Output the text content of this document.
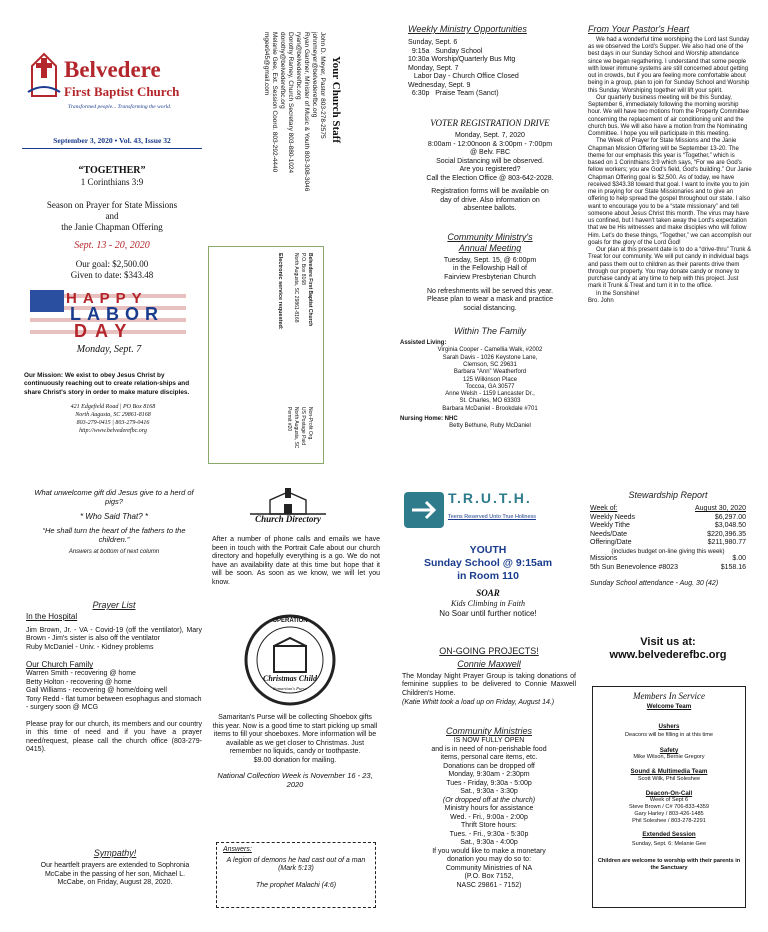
Belvedere
First Baptist Church
Transformed people... Transforming the world.
September 3, 2020 • Vol. 43, Issue 32
“TOGETHER”
1 Corinthians 3:9
Season on Prayer for State Missions
and
the Janie Chapman Offering
Sept. 13 - 20, 2020
Our goal: $2,500.00
Given to date: $343.48
HAPPY
LABOR
DAY
Monday, Sept. 7
Our Mission: We exist to obey Jesus Christ by continuously reaching out to create relation-ships and share Christ's story in order to make mature disciples.
421 Edgefield Road | PO Box 8168
North Augusta, SC 29861-8168
803-279-0415 | 803-279-0416
http://www.belvederefbc.org
Your Church Staff
John D. Meyer, Pastor 803-278-2575
johnmeyer@belvederefbc.org
Ryan Gardner, Minister of Music & Youth 803-308-3046
ryan@belvederefbc.org
Dorothy Ramey, Church Secretary 803-880-1024
dorothy@belvederefbc.org
Melanie Gee, Ext. Session Coord. 803-292-4440
mgee945@gmail.com
Belvedere First Baptist Church
P.O. Box 8168
North Augusta, SC 29861-8168
Non-Profit Org.
US Postage Paid
North Augusta, SC
Permit #20
Electronic service requested:
Weekly Ministry Opportunities
Sunday, Sept. 6
9:15a   Sunday School
10:30a Worship/Quarterly Bus Mtg
Monday, Sept. 7
Labor Day - Church Office Closed
Wednesday, Sept. 9
6:30p   Praise Team (Sanct)
VOTER REGISTRATION DRIVE
Monday, Sept. 7, 2020
8:00am - 12:00noon & 3:00pm - 7:00pm
@ Belv. FBC
Social Distancing will be observed.
Are you registered?
Call the Election Office @ 803-642-2028.
Registration forms will be available on
day of drive. Also information on
absentee ballots.
Community Ministry's
Annual Meeting
Tuesday, Sept. 15, @ 6:00pm
in the Fellowship Hall of
Fairview Presbyterian Church
No refreshments will be served this year.
Please plan to wear a mask and practice
social distancing.
Within The Family
Assisted Living:
Virginia Cooper - Camellia Walk, #2002
Sarah Davis - 1026 Keystone Lane,
Clemson, SC 29631
Barbara “Ann” Weatherford
125 Wilkinson Place
Toccoa, GA 30577
Anne Welsh - 1159 Lancaster Dr.,
St. Charles, MO 63303
Barbara McDaniel - Brookdale #701
Nursing Home: NHC
Betty Bethune, Ruby McDaniel
From Your Pastor's Heart

We had a wonderful time worshiping the Lord last Sunday as we observed the Lord's Supper. We also had one of the best days in our Sunday School and Worship attendance since we began regathering. I understand that some people with lower immune systems are still concerned about getting out in crowds, but if you are feeling more comfortable about being in a group, plan to join for Sunday School and Worship this Sunday. Worshiping together will lift your spirit.

Our quarterly business meeting will be this Sunday, September 6, immediately following the morning worship hour. We will have two motions from the Property Committee concerning the replacement of air conditioning unit and the church bus. We will also have a motion from the Nominating Committee. I hope you will participate in this meeting.

The Week of Prayer for State Missions and the Janie Chapman Mission Offering will be September 13-20. The theme for our emphasis this year is “Together,” which is based on 1 Corinthians 3:9 which says, “For we are God's fellow workers; you are God's field, God's building.” Our Janie Chapman Offering goal is $2,500. As of today, we have received $343.38 toward that goal. I want to invite you to join me in praying for our State Missionaries and to give an offering to help spread the gospel throughout our state. I also want to encourage you to be a “state missionary” and tell someone about Jesus Christ this month. The virus may have us confined, but I haven't taken away the Lord's expectation that we be His witnesses and make disciples who will follow Him. Let's do these things, “Together,” we can accomplish our goals for the glory of the Lord God!

Our plan at this present date is to do a “drive-thru” Trunk & Treat for our community. We will put candy in individual bags and pass them out to children as their parents drive them through our property. You may donate candy or money to purchase candy at any time to help with this project. Just mark it Trunk & Treat and turn it in to the office.

In the Sonshine!
Bro. John
What unwelcome gift did Jesus give to a herd of pigs?
* Who Said That? *
“He shall turn the heart of the fathers to the children.”
Answers at bottom of next column
Prayer List
In the Hospital
Jim Brown, Jr. - VA - Covid-19 (off the ventilator), Mary Brown - Jim's sister is also off the ventilator
Ruby McDaniel - Univ. - Kidney problems
Our Church Family
Warren Smith - recovering @ home
Betty Holton - recovering @ home
Gail Williams - recovering @ home/doing well
Tony Redd - flat tumor between esophagus and stomach - surgery soon @ MCG
Please pray for our church, its members and our country in this time of need and if you have a prayer need/request, please call the church office (803-279-0415).
Sympathy!
Our heartfelt prayers are extended to Sophronia McCabe in the passing of her son, Michael L. McCabe, on Friday, August 28, 2020.
Church Directory
After a number of phone calls and emails we have been in touch with the Portrait Cafe about our church directory and hopefully everything is a go. We do not have an availability date at this time but hope that it will be soon. As soon as we know, we will let you know.
OPERATION
Christmas Child
Samaritan's Purse
Samaritan's Purse will be collecting Shoebox gifts this year. Now is a good time to start picking up small items to fill your shoeboxes. More information will be available as we get closer to Christmas. Just remember no liquids, candy or toothpaste.
$9.00 donation for mailing.
National Collection Week is November 16 - 23, 2020
Answers:
A legion of demons he had cast out of a man (Mark 5:13)
The prophet Malachi (4:6)
T.R.U.T.H.
Teens Reserved Unto True Holiness
YOUTH
Sunday School @ 9:15am
in Room 110
SOAR
Kids Climbing in Faith
No Soar until further notice!
ON-GOING PROJECTS!
Connie Maxwell
The Monday Night Prayer Group is taking donations of feminine supplies to be delivered to Connie Maxwell Children's Home.
(Katie Whitt took a load up on Friday, August 14.)
Community Ministries
IS NOW FULLY OPEN
and is in need of non-perishable food
items, personal care items, etc.
Donations can be dropped off
Monday, 9:30am - 2:30pm
Tues - Friday, 9:30a - 5:00p
Sat., 9:30a - 3:30p
(Or dropped off at the church)
Ministry hours for assistance
Wed. - Fri., 9:00a - 2:00p
Thrift Store hours:
Tues. - Fri., 9:30a - 5:30p
Sat., 9:30a - 4:00p
If you would like to make a monetary
donation you may do so to:
Community Ministries of NA
(P.O. Box 7152,
NASC 29861 - 7152)
Stewardship Report
Week of:	August 30, 2020
Weekly Needs	$6,297.00
Weekly Tithe	$3,048.50
Needs/Date	$220,396.35
Offering/Date	$211,980.77
(includes budget on-line giving this week)
Missions	$.00
5th Sun Benevolence #8023	$158.16
Sunday School attendance - Aug. 30 (42)
Visit us at:
www.belvederefbc.org
Members In Service
Welcome Team
Ushers
Deacons will be filling in at this time
Safety
Mike Wilson, Bernie Gregory
Sound & Multimedia Team
Scott Wilk, Phil Soleshee
Deacon-On-Call
Week of Sept 6
Steve Brown / C# 706-833-4359
Gary Harley / 803-426-1485
Phil Soleshee / 803-278-2291
Extended Session
Sunday, Sept. 6: Melanie Gee
Children are welcome to worship with their parents in the Sanctuary
